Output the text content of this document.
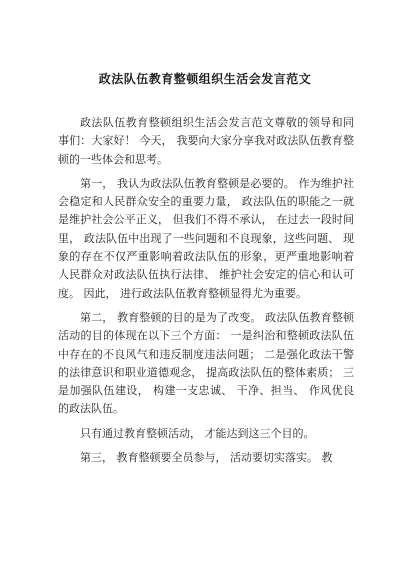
政法队伍教育整顿组织生活会发言范文

政法队伍教育整顿组织生活会发言范文尊敬的领导和同事们：大家好！ 今天， 我要向大家分享我对政法队伍教育整顿的一些体会和思考。

第一， 我认为政法队伍教育整顿是必要的。 作为维护社会稳定和人民群众安全的重要力量， 政法队伍的职能之一就是维护社会公平正义， 但我们不得不承认， 在过去一段时间里， 政法队伍中出现了一些问题和不良现象，这些问题、 现象的存在不仅严重影响着政法队伍的形象，更严重地影响着人民群众对政法队伍执行法律、 维护社会安定的信心和认可度。 因此， 进行政法队伍教育整顿显得尤为重要。

第二， 教育整顿的目的是为了改变。 政法队伍教育整顿活动的目的体现在以下三个方面： 一是纠治和整顿政法队伍中存在的不良风气和违反制度违法问题； 二是强化政法干警的法律意识和职业道德观念， 提高政法队伍的整体素质； 三是加强队伍建设， 构建一支忠诚、 干净、担当、 作风优良的政法队伍。

只有通过教育整顿活动， 才能达到这三个目的。

第三， 教育整顿要全员参与， 活动要切实落实。 教
